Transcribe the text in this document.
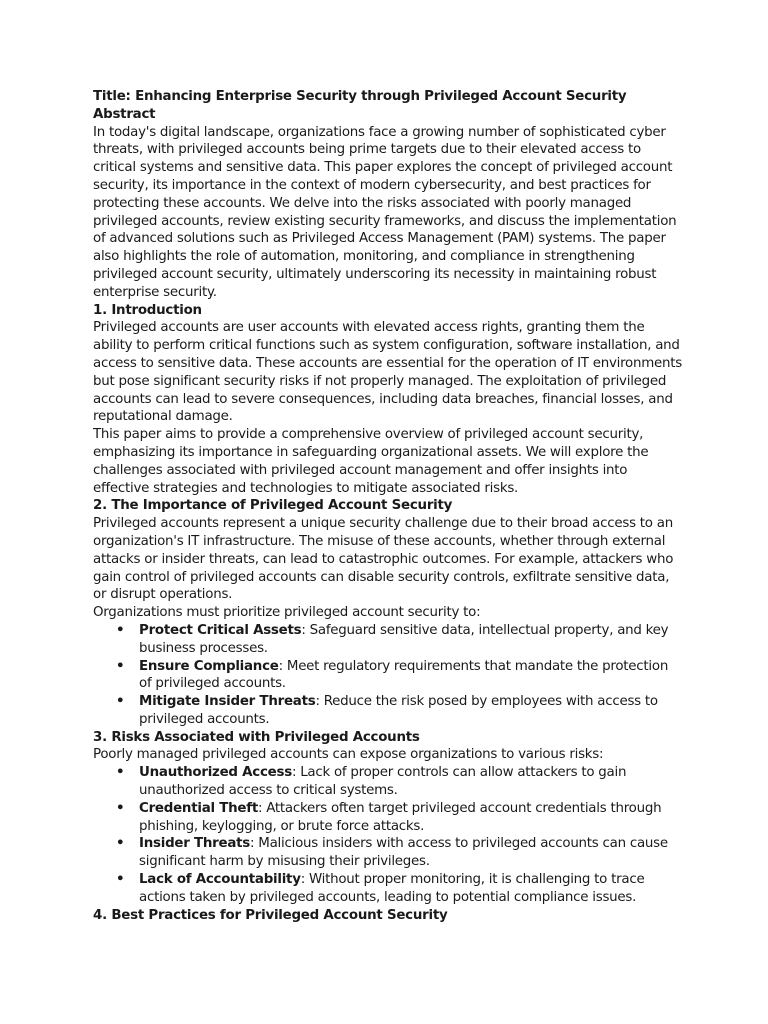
Title: Enhancing Enterprise Security through Privileged Account Security

Abstract

In today's digital landscape, organizations face a growing number of sophisticated cyber threats, with privileged accounts being prime targets due to their elevated access to critical systems and sensitive data. This paper explores the concept of privileged account security, its importance in the context of modern cybersecurity, and best practices for protecting these accounts. We delve into the risks associated with poorly managed privileged accounts, review existing security frameworks, and discuss the implementation of advanced solutions such as Privileged Access Management (PAM) systems. The paper also highlights the role of automation, monitoring, and compliance in strengthening privileged account security, ultimately underscoring its necessity in maintaining robust enterprise security.

1. Introduction

Privileged accounts are user accounts with elevated access rights, granting them the ability to perform critical functions such as system configuration, software installation, and access to sensitive data. These accounts are essential for the operation of IT environments but pose significant security risks if not properly managed. The exploitation of privileged accounts can lead to severe consequences, including data breaches, financial losses, and reputational damage.

This paper aims to provide a comprehensive overview of privileged account security, emphasizing its importance in safeguarding organizational assets. We will explore the challenges associated with privileged account management and offer insights into effective strategies and technologies to mitigate associated risks.

2. The Importance of Privileged Account Security

Privileged accounts represent a unique security challenge due to their broad access to an organization's IT infrastructure. The misuse of these accounts, whether through external attacks or insider threats, can lead to catastrophic outcomes. For example, attackers who gain control of privileged accounts can disable security controls, exfiltrate sensitive data, or disrupt operations.

Organizations must prioritize privileged account security to:

• Protect Critical Assets: Safeguard sensitive data, intellectual property, and key business processes.
• Ensure Compliance: Meet regulatory requirements that mandate the protection of privileged accounts.
• Mitigate Insider Threats: Reduce the risk posed by employees with access to privileged accounts.

3. Risks Associated with Privileged Accounts

Poorly managed privileged accounts can expose organizations to various risks:

• Unauthorized Access: Lack of proper controls can allow attackers to gain unauthorized access to critical systems.
• Credential Theft: Attackers often target privileged account credentials through phishing, keylogging, or brute force attacks.
• Insider Threats: Malicious insiders with access to privileged accounts can cause significant harm by misusing their privileges.
• Lack of Accountability: Without proper monitoring, it is challenging to trace actions taken by privileged accounts, leading to potential compliance issues.

4. Best Practices for Privileged Account Security
